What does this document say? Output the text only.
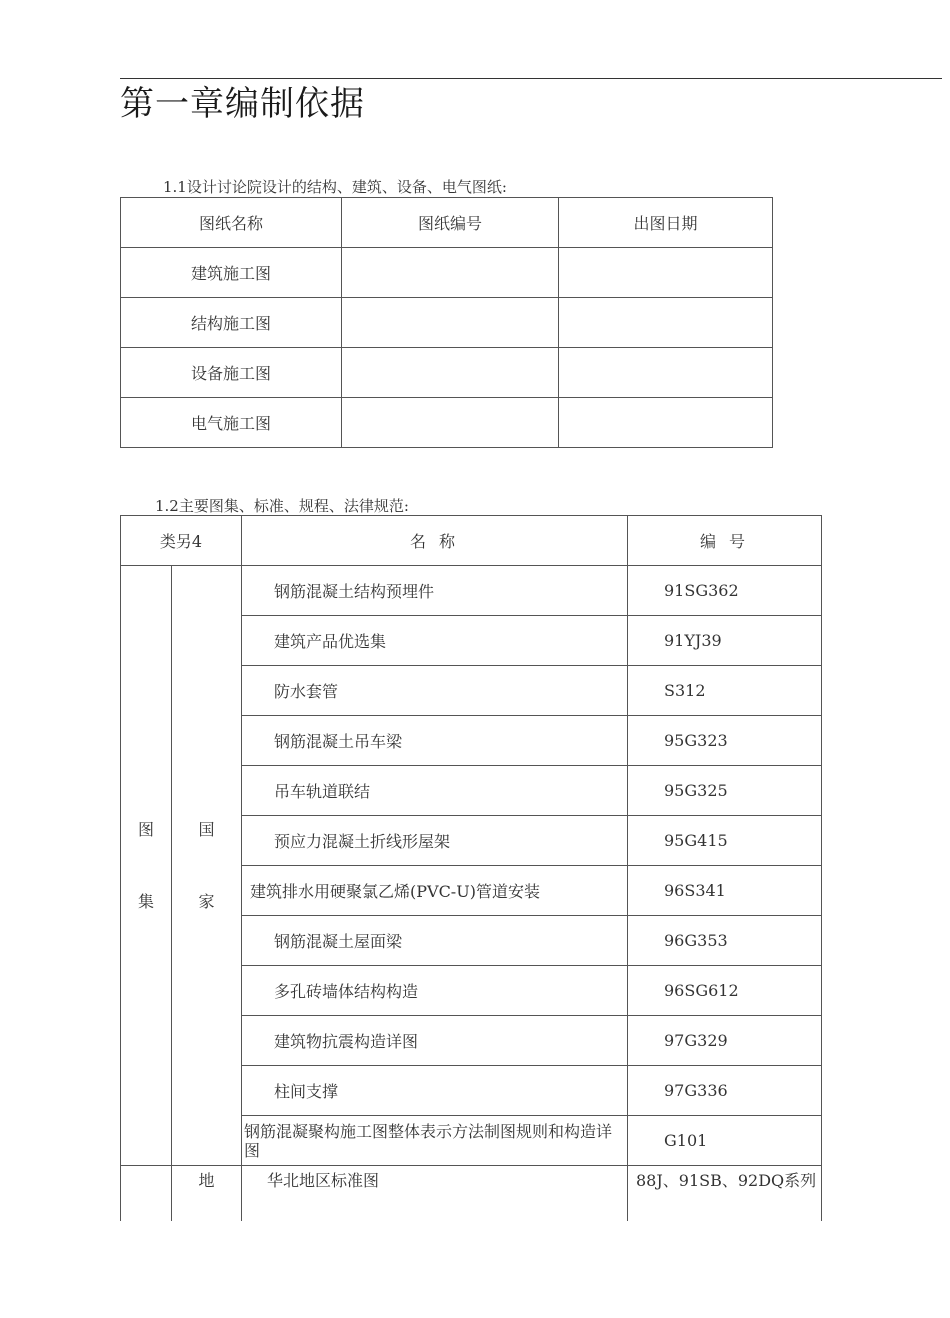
第一章编制依据
1.1设计讨论院设计的结构、建筑、设备、电气图纸:
图纸名称	图纸编号	出图日期
建筑施工图		
结构施工图		
设备施工图		
电气施工图		
1.2主要图集、标准、规程、法律规范:
类另4		名 称	编 号

图集	国家	钢筋混凝土结构预埋件	91SG362
		建筑产品优选集	91YJ39
		防水套管	S312
		钢筋混凝土吊车梁	95G323
		吊车轨道联结	95G325
		预应力混凝土折线形屋架	95G415
		建筑排水用硬聚氯乙烯(PVC-U)管道安装	96S341
		钢筋混凝土屋面梁	96G353
		多孔砖墙体结构构造	96SG612
		建筑物抗震构造详图	97G329
		柱间支撑	97G336
		钢筋混凝聚构施工图整体表示方法制图规则和构造详图	G101
	地	华北地区标准图	88J、91SB、92DQ系列
